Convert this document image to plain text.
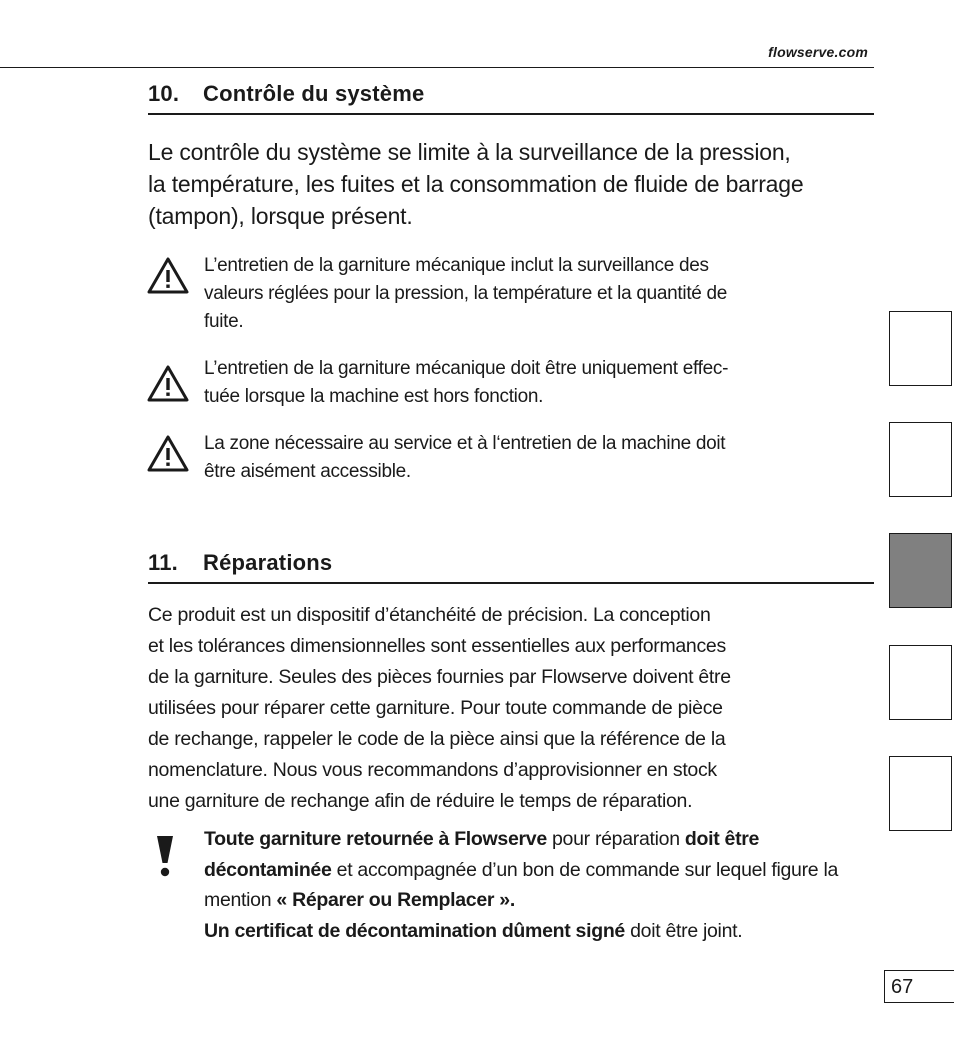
flowserve.com
10. Contrôle du système
Le contrôle du système se limite à la surveillance de la pression,
la température, les fuites et la consommation de fluide de barrage
(tampon), lorsque présent.
L’entretien de la garniture mécanique inclut la surveillance des
valeurs réglées pour la pression, la température et la quantité de
fuite.
L’entretien de la garniture mécanique doit être uniquement effec-
tuée lorsque la machine est hors fonction.
La zone nécessaire au service et à l‘entretien de la machine doit
être aisément accessible.
11. Réparations
Ce produit est un dispositif d’étanchéité de précision. La conception
et les tolérances dimensionnelles sont essentielles aux performances
de la garniture. Seules des pièces fournies par Flowserve doivent être
utilisées pour réparer cette garniture. Pour toute commande de pièce
de rechange, rappeler le code de la pièce ainsi que la référence de la
nomenclature. Nous vous recommandons d’approvisionner en stock
une garniture de rechange afin de réduire le temps de réparation.
Toute garniture retournée à Flowserve pour réparation doit être décontaminée et accompagnée d’un bon de commande sur lequel figure la mention « Réparer ou Remplacer ».
Un certificat de décontamination dûment signé doit être joint.
67
